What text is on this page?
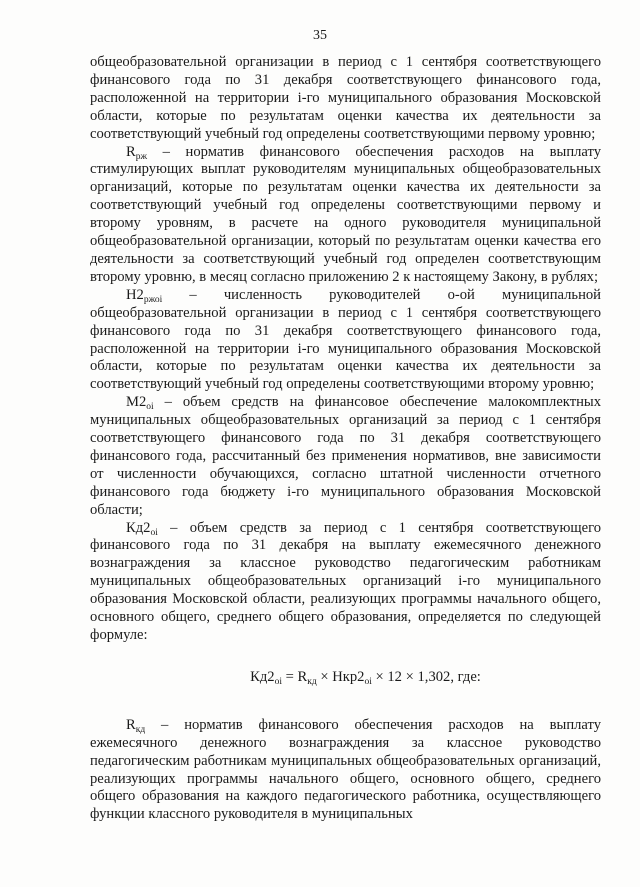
35

общеобразовательной организации в период с 1 сентября соответствующего финансового года по 31 декабря соответствующего финансового года, расположенной на территории i-го муниципального образования Московской области, которые по результатам оценки качества их деятельности за соответствующий учебный год определены соответствующими первому уровню;

$R_{рж}$ – норматив финансового обеспечения расходов на выплату стимулирующих выплат руководителям муниципальных общеобразовательных организаций, которые по результатам оценки качества их деятельности за соответствующий учебный год определены соответствующими первому и второму уровням, в расчете на одного руководителя муниципальной общеобразовательной организации, который по результатам оценки качества его деятельности за соответствующий учебный год определен соответствующим второму уровню, в месяц согласно приложению 2 к настоящему Закону, в рублях;

$Н2_{ржоi}$ – численность руководителей о-ой муниципальной общеобразовательной организации в период с 1 сентября соответствующего финансового года по 31 декабря соответствующего финансового года, расположенной на территории i-го муниципального образования Московской области, которые по результатам оценки качества их деятельности за соответствующий учебный год определены соответствующими второму уровню;

$М2_{оi}$ – объем средств на финансовое обеспечение малокомплектных муниципальных общеобразовательных организаций за период с 1 сентября соответствующего финансового года по 31 декабря соответствующего финансового года, рассчитанный без применения нормативов, вне зависимости от численности обучающихся, согласно штатной численности отчетного финансового года бюджету i-го муниципального образования Московской области;

$Кд2_{оi}$ – объем средств за период с 1 сентября соответствующего финансового года по 31 декабря на выплату ежемесячного денежного вознаграждения за классное руководство педагогическим работникам муниципальных общеобразовательных организаций i-го муниципального образования Московской области, реализующих программы начального общего, основного общего, среднего общего образования, определяется по следующей формуле:

$Кд2_{оi} = R_{кд} \times Нкр2_{оi} \times 12 \times 1,302$, где:

$R_{кд}$ – норматив финансового обеспечения расходов на выплату ежемесячного денежного вознаграждения за классное руководство педагогическим работникам муниципальных общеобразовательных организаций, реализующих программы начального общего, основного общего, среднего общего образования на каждого педагогического работника, осуществляющего функции классного руководителя в муниципальных
